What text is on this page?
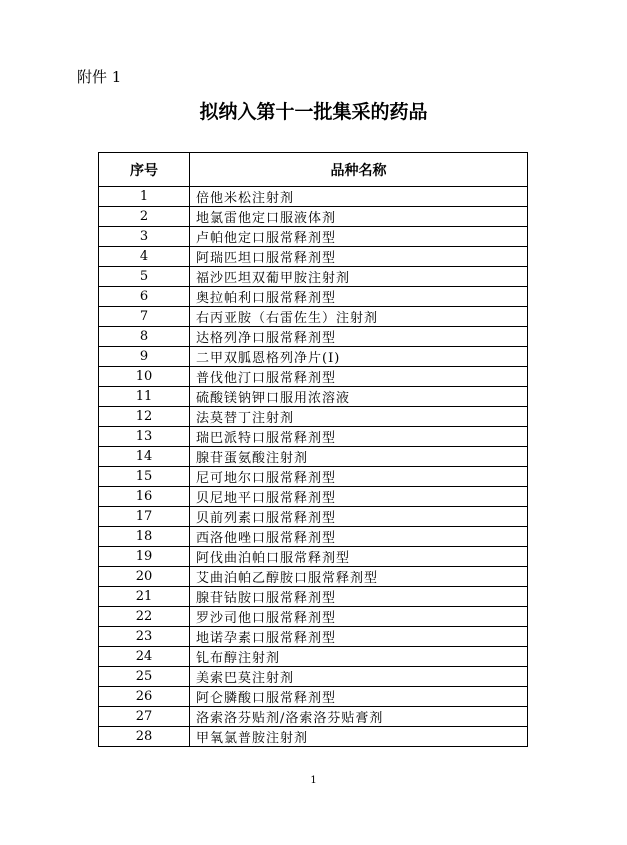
附件 1
拟纳入第十一批集采的药品
序号	品种名称
1	倍他米松注射剂
2	地氯雷他定口服液体剂
3	卢帕他定口服常释剂型
4	阿瑞匹坦口服常释剂型
5	福沙匹坦双葡甲胺注射剂
6	奥拉帕利口服常释剂型
7	右丙亚胺（右雷佐生）注射剂
8	达格列净口服常释剂型
9	二甲双胍恩格列净片(I)
10	普伐他汀口服常释剂型
11	硫酸镁钠钾口服用浓溶液
12	法莫替丁注射剂
13	瑞巴派特口服常释剂型
14	腺苷蛋氨酸注射剂
15	尼可地尔口服常释剂型
16	贝尼地平口服常释剂型
17	贝前列素口服常释剂型
18	西洛他唑口服常释剂型
19	阿伐曲泊帕口服常释剂型
20	艾曲泊帕乙醇胺口服常释剂型
21	腺苷钴胺口服常释剂型
22	罗沙司他口服常释剂型
23	地诺孕素口服常释剂型
24	钆布醇注射剂
25	美索巴莫注射剂
26	阿仑膦酸口服常释剂型
27	洛索洛芬贴剂/洛索洛芬贴膏剂
28	甲氧氯普胺注射剂
1
